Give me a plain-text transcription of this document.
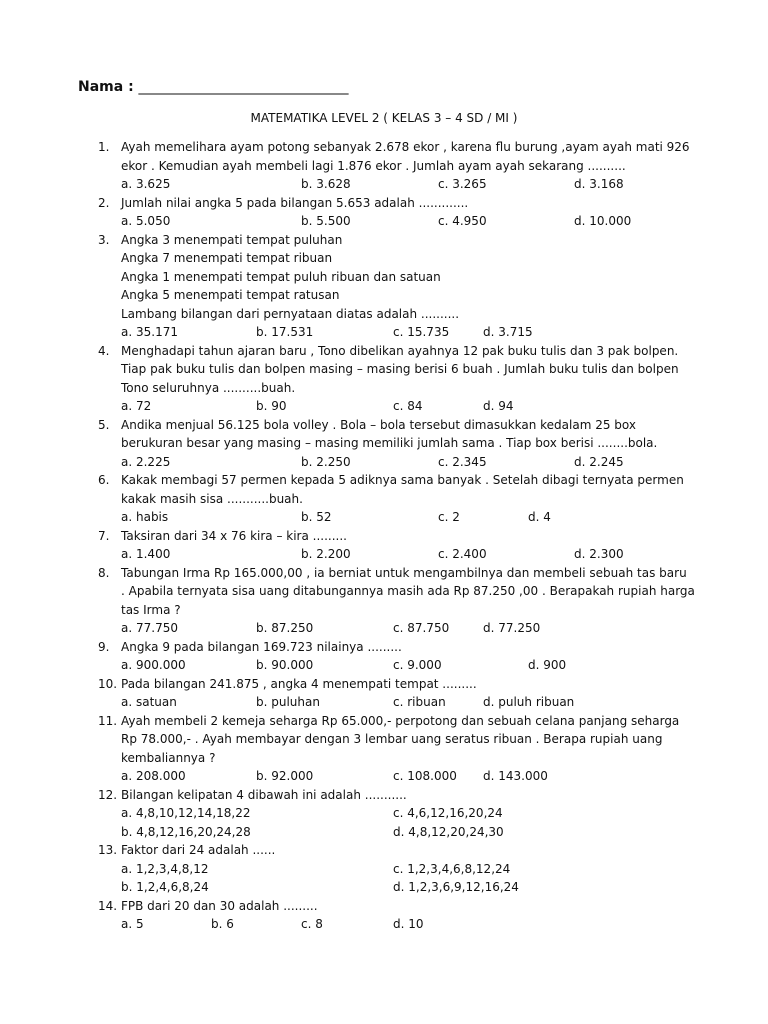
Nama : ______________________________
MATEMATIKA LEVEL 2 ( KELAS 3 – 4 SD / MI )
1. Ayah memelihara ayam potong sebanyak 2.678 ekor , karena flu burung ,ayam ayah mati 926
ekor . Kemudian ayah membeli lagi 1.876 ekor . Jumlah ayam ayah sekarang ..........
a. 3.625	b. 3.628	c. 3.265	d. 3.168
2. Jumlah nilai angka 5 pada bilangan 5.653 adalah .............
a. 5.050	b. 5.500	c. 4.950	d. 10.000
3. Angka 3 menempati tempat puluhan
Angka 7 menempati tempat ribuan
Angka 1 menempati tempat puluh ribuan dan satuan
Angka 5 menempati tempat ratusan
Lambang bilangan dari pernyataan diatas adalah ..........
a. 35.171	b. 17.531	c. 15.735	d. 3.715
4. Menghadapi tahun ajaran baru , Tono dibelikan ayahnya 12 pak buku tulis dan 3 pak bolpen.
Tiap pak buku tulis dan bolpen masing – masing berisi 6 buah . Jumlah buku tulis dan bolpen
Tono seluruhnya ..........buah.
a. 72	b. 90	c. 84	d. 94
5. Andika menjual 56.125 bola volley . Bola – bola tersebut dimasukkan kedalam 25 box
berukuran besar yang masing – masing memiliki jumlah sama . Tiap box berisi ........bola.
a. 2.225	b. 2.250	c. 2.345	d. 2.245
6. Kakak membagi 57 permen kepada 5 adiknya sama banyak . Setelah dibagi ternyata permen
kakak masih sisa ...........buah.
a. habis	b. 52	c. 2	d. 4
7. Taksiran dari 34 x 76 kira – kira .........
a. 1.400	b. 2.200	c. 2.400	d. 2.300
8. Tabungan Irma Rp 165.000,00 , ia berniat untuk mengambilnya dan membeli sebuah tas baru
. Apabila ternyata sisa uang ditabungannya masih ada Rp 87.250 ,00 . Berapakah rupiah harga
tas Irma ?
a. 77.750	b. 87.250	c. 87.750	d. 77.250
9. Angka 9 pada bilangan 169.723 nilainya .........
a. 900.000	b. 90.000	c. 9.000	d. 900
10. Pada bilangan 241.875 , angka 4 menempati tempat .........
a. satuan	b. puluhan	c. ribuan	d. puluh ribuan
11. Ayah membeli 2 kemeja seharga Rp 65.000,- perpotong dan sebuah celana panjang seharga
Rp 78.000,- . Ayah membayar dengan 3 lembar uang seratus ribuan . Berapa rupiah uang
kembaliannya ?
a. 208.000	b. 92.000	c. 108.000 d. 143.000
12. Bilangan kelipatan 4 dibawah ini adalah ...........
a. 4,8,10,12,14,18,22	c. 4,6,12,16,20,24
b. 4,8,12,16,20,24,28	d. 4,8,12,20,24,30
13. Faktor dari 24 adalah ......
a. 1,2,3,4,8,12	c. 1,2,3,4,6,8,12,24
b. 1,2,4,6,8,24	d. 1,2,3,6,9,12,16,24
14. FPB dari 20 dan 30 adalah .........
a. 5	b. 6	c. 8	d. 10
